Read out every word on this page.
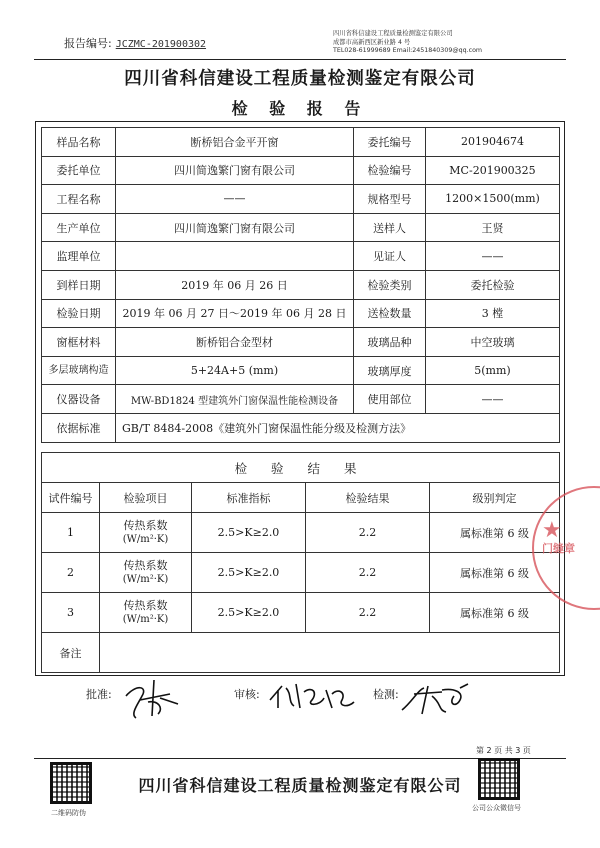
报告编号: JCZMC-201900302
四川省科信建设工程质量检测鉴定有限公司
成都市高新西区新业路 4 号
TEL028-61999689 Email:2451840309@qq.com
四川省科信建设工程质量检测鉴定有限公司
检 验 报 告
样品名称	断桥铝合金平开窗	委托编号	201904674
委托单位	四川简逸繁门窗有限公司	检验编号	MC-201900325
工程名称	——	规格型号	1200×1500(mm)
生产单位	四川简逸繁门窗有限公司	送样人	王贤
监理单位		见证人	——
到样日期	2019 年 06 月 26 日	检验类别	委托检验
检验日期	2019 年 06 月 27 日～2019 年 06 月 28 日	送检数量	3 樘
窗框材料	断桥铝合金型材	玻璃品种	中空玻璃
多层玻璃构造	5+24A+5 (mm)	玻璃厚度	5(mm)
仪器设备	MW-BD1824 型建筑外门窗保温性能检测设备	使用部位	——
依据标准	GB/T 8484-2008《建筑外门窗保温性能分级及检测方法》		
检 验 结 果				
试件编号	检验项目	标准指标	检验结果	级别判定
1	传热系数
(W/m²·K)	2.5>K≥2.0	2.2	属标准第 6 级
2	传热系数
(W/m²·K)	2.5>K≥2.0	2.2	属标准第 6 级
3	传热系数
(W/m²·K)	2.5>K≥2.0	2.2	属标准第 6 级
备注				
★
门缝章
批准:	审核:	检测:
第 2 页 共 3 页
四川省科信建设工程质量检测鉴定有限公司
二维码防伪
公司公众微信号
